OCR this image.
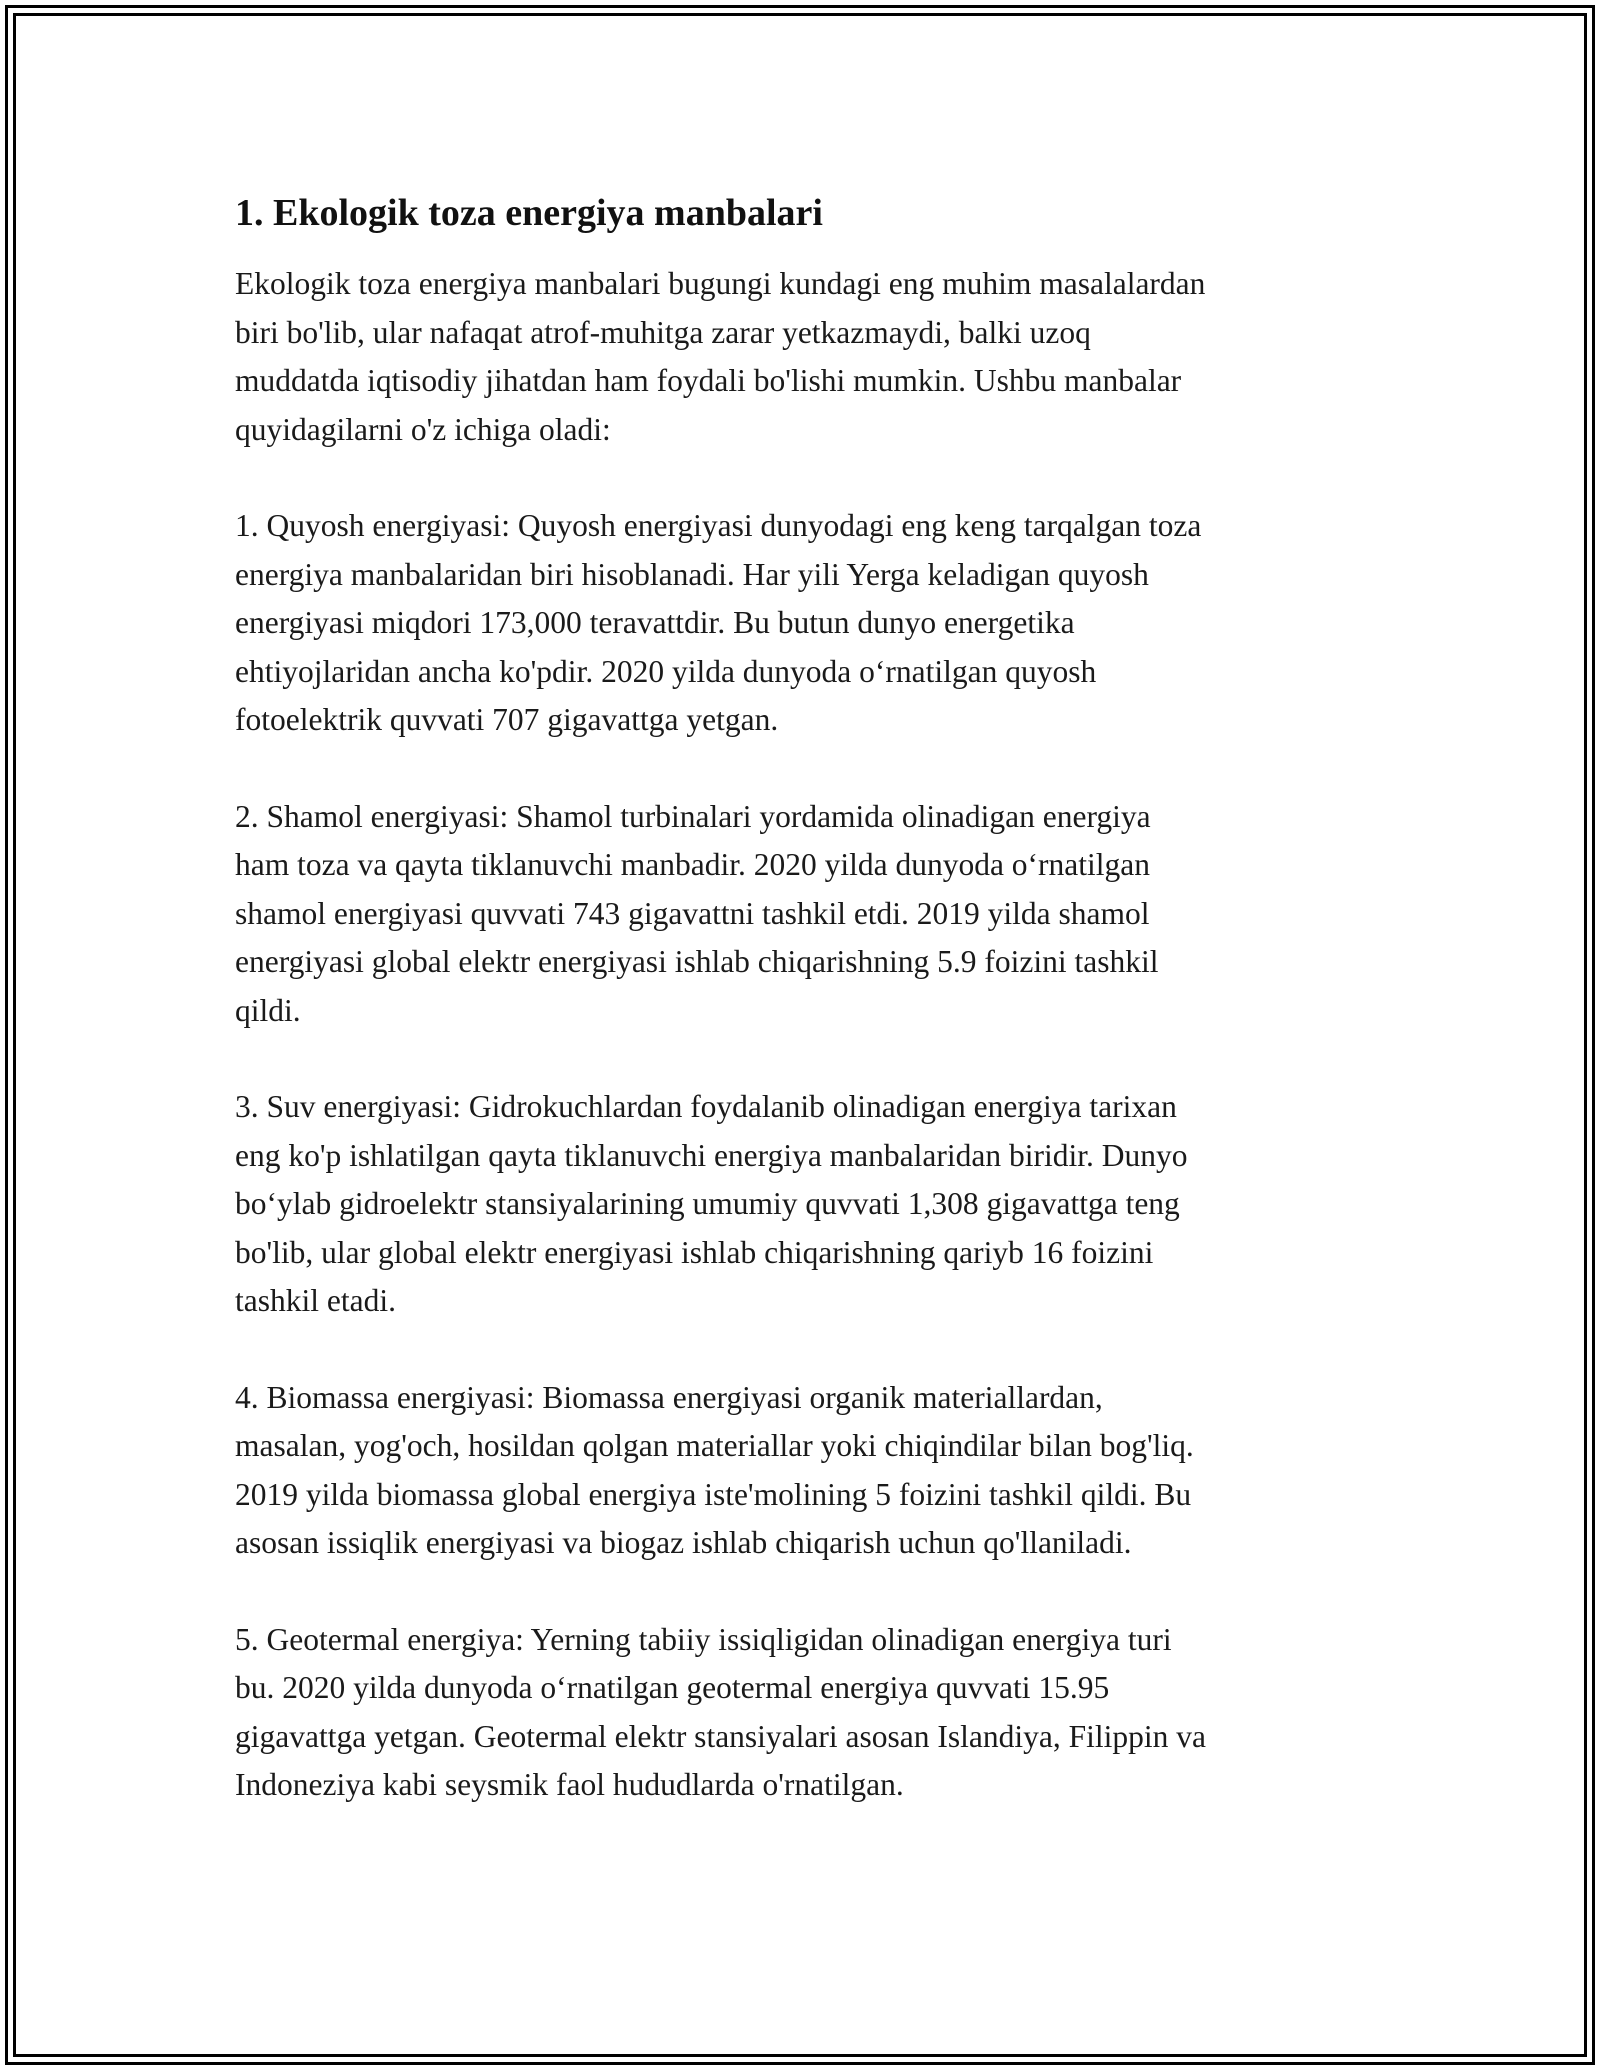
1. Ekologik toza energiya manbalari

Ekologik toza energiya manbalari bugungi kundagi eng muhim masalalardan
biri bo'lib, ular nafaqat atrof-muhitga zarar yetkazmaydi, balki uzoq
muddatda iqtisodiy jihatdan ham foydali bo'lishi mumkin. Ushbu manbalar
quyidagilarni o'z ichiga oladi:

1. Quyosh energiyasi: Quyosh energiyasi dunyodagi eng keng tarqalgan toza
energiya manbalaridan biri hisoblanadi. Har yili Yerga keladigan quyosh
energiyasi miqdori 173,000 teravattdir. Bu butun dunyo energetika
ehtiyojlaridan ancha ko'pdir. 2020 yilda dunyoda o‘rnatilgan quyosh
fotoelektrik quvvati 707 gigavattga yetgan.

2. Shamol energiyasi: Shamol turbinalari yordamida olinadigan energiya
ham toza va qayta tiklanuvchi manbadir. 2020 yilda dunyoda o‘rnatilgan
shamol energiyasi quvvati 743 gigavattni tashkil etdi. 2019 yilda shamol
energiyasi global elektr energiyasi ishlab chiqarishning 5.9 foizini tashkil
qildi.

3. Suv energiyasi: Gidrokuchlardan foydalanib olinadigan energiya tarixan
eng ko'p ishlatilgan qayta tiklanuvchi energiya manbalaridan biridir. Dunyo
bo‘ylab gidroelektr stansiyalarining umumiy quvvati 1,308 gigavattga teng
bo'lib, ular global elektr energiyasi ishlab chiqarishning qariyb 16 foizini
tashkil etadi.

4. Biomassa energiyasi: Biomassa energiyasi organik materiallardan,
masalan, yog'och, hosildan qolgan materiallar yoki chiqindilar bilan bog'liq.
2019 yilda biomassa global energiya iste'molining 5 foizini tashkil qildi. Bu
asosan issiqlik energiyasi va biogaz ishlab chiqarish uchun qo'llaniladi.

5. Geotermal energiya: Yerning tabiiy issiqligidan olinadigan energiya turi
bu. 2020 yilda dunyoda o‘rnatilgan geotermal energiya quvvati 15.95
gigavattga yetgan. Geotermal elektr stansiyalari asosan Islandiya, Filippin va
Indoneziya kabi seysmik faol hududlarda o'rnatilgan.
